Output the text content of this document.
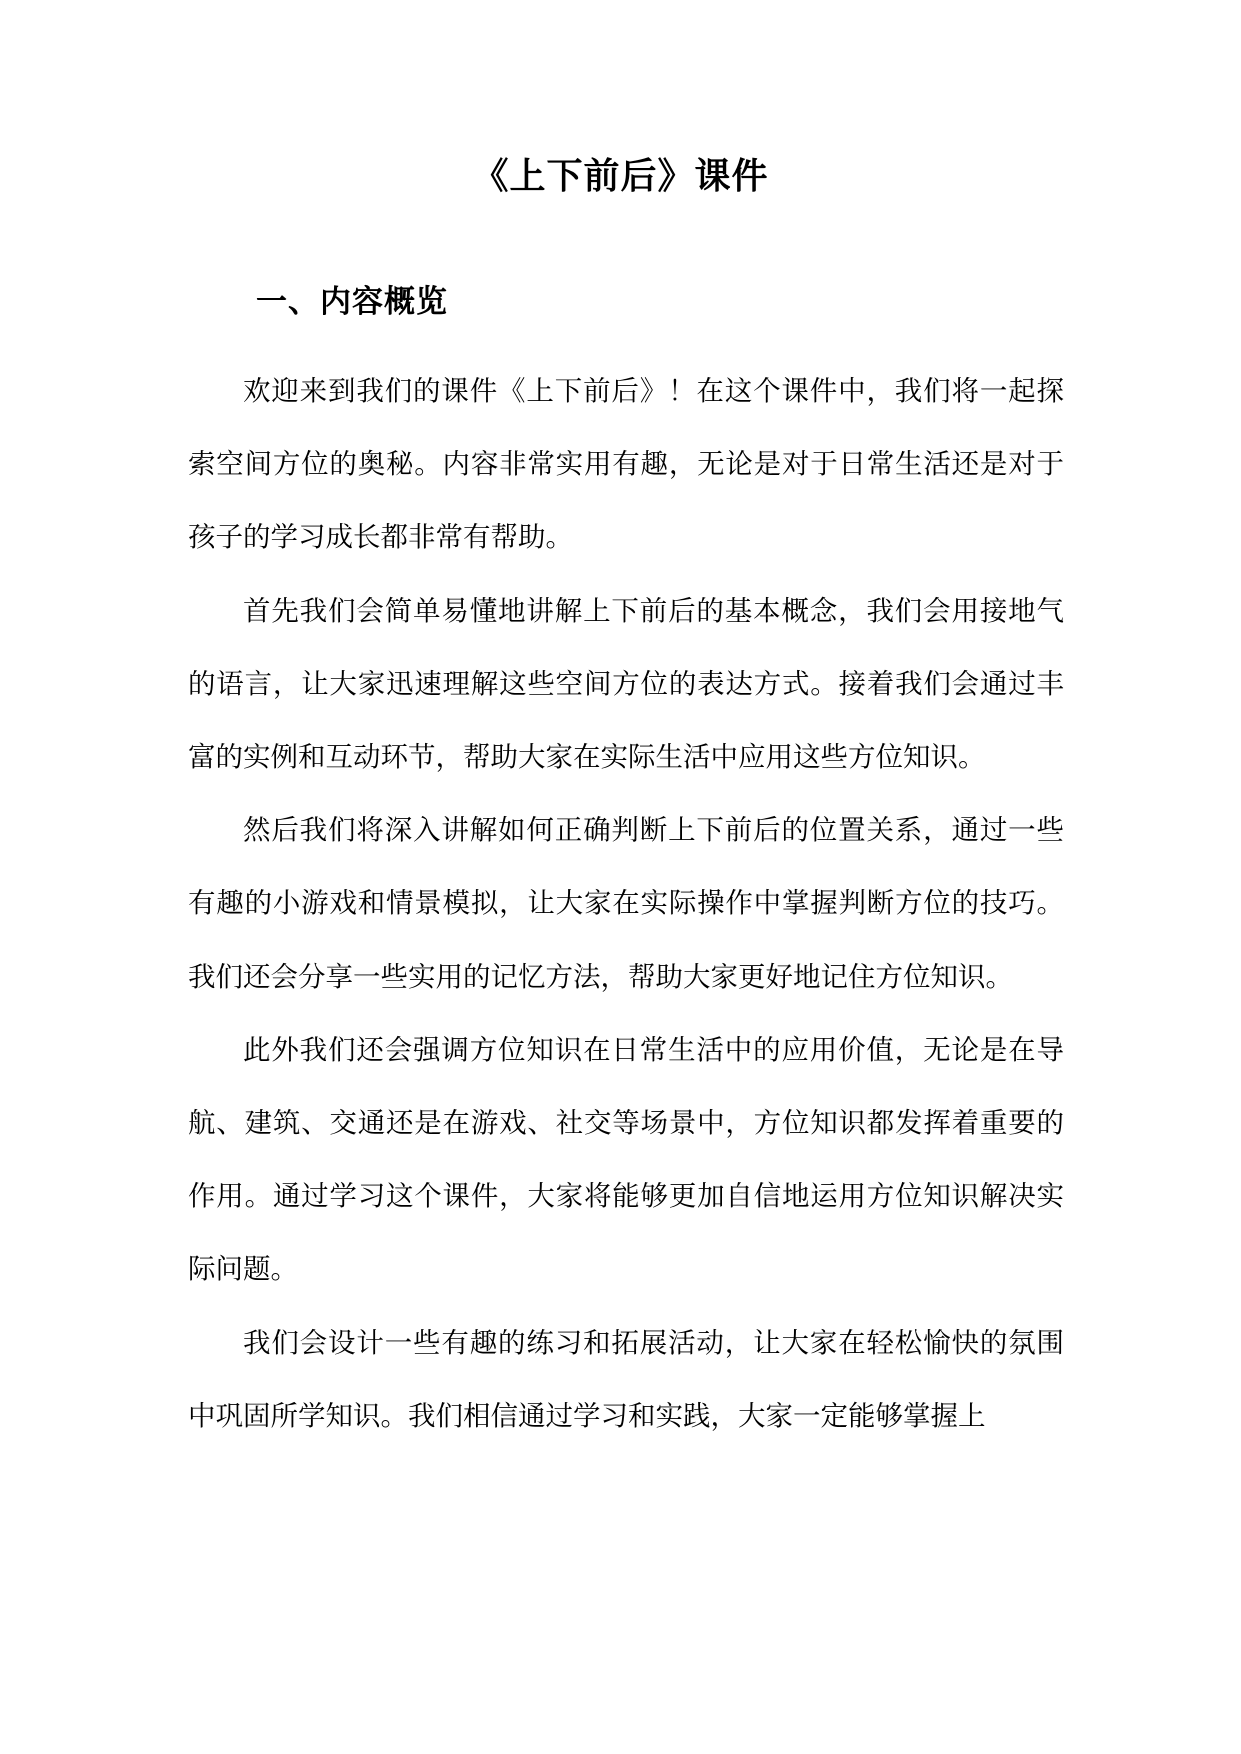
《上下前后》课件
一、内容概览

欢迎来到我们的课件《上下前后》！在这个课件中，我们将一起探索空间方位的奥秘。内容非常实用有趣，无论是对于日常生活还是对于孩子的学习成长都非常有帮助。

首先我们会简单易懂地讲解上下前后的基本概念，我们会用接地气的语言，让大家迅速理解这些空间方位的表达方式。接着我们会通过丰富的实例和互动环节，帮助大家在实际生活中应用这些方位知识。

然后我们将深入讲解如何正确判断上下前后的位置关系，通过一些有趣的小游戏和情景模拟，让大家在实际操作中掌握判断方位的技巧。我们还会分享一些实用的记忆方法，帮助大家更好地记住方位知识。

此外我们还会强调方位知识在日常生活中的应用价值，无论是在导航、建筑、交通还是在游戏、社交等场景中，方位知识都发挥着重要的作用。通过学习这个课件，大家将能够更加自信地运用方位知识解决实际问题。

我们会设计一些有趣的练习和拓展活动，让大家在轻松愉快的氛围中巩固所学知识。我们相信通过学习和实践，大家一定能够掌握上
